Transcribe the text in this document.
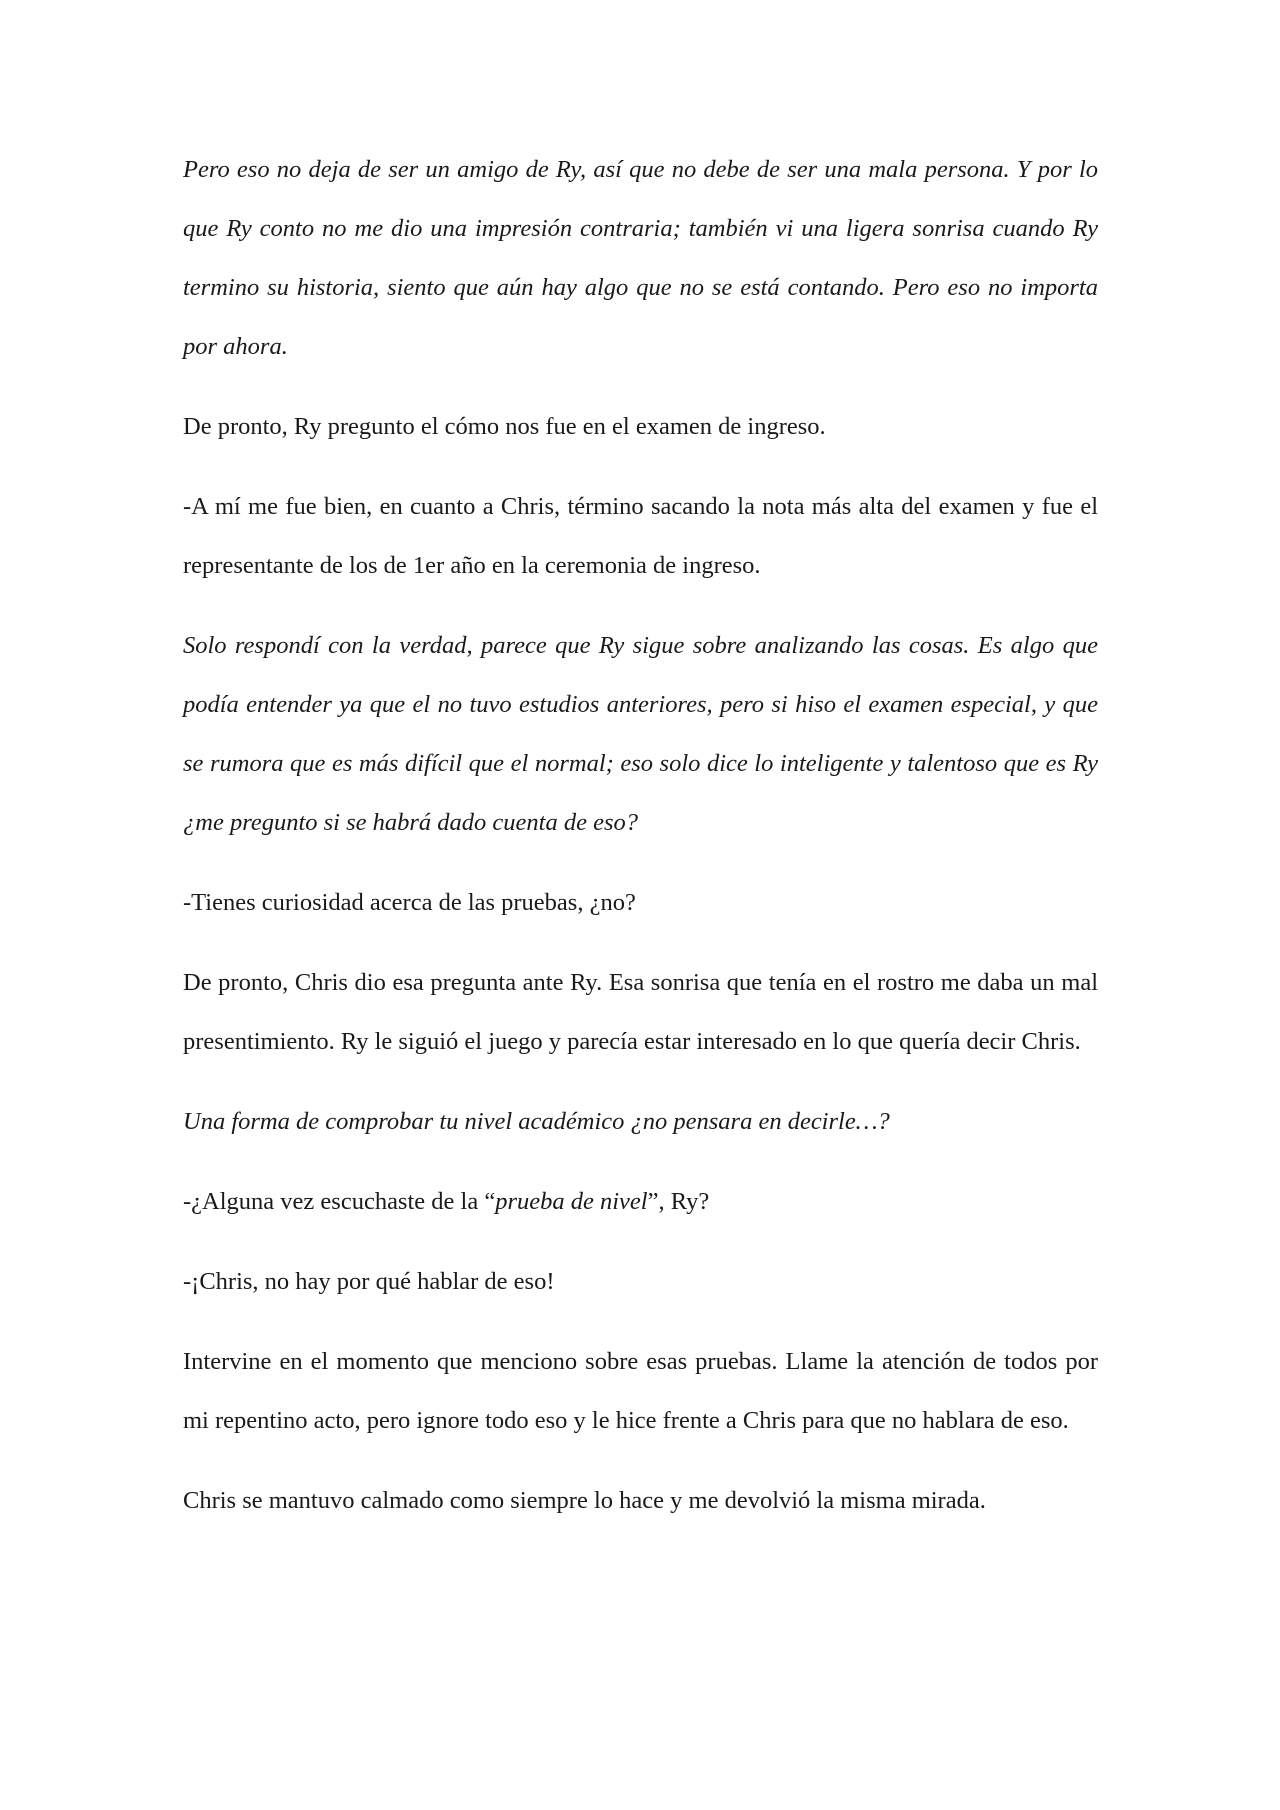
Pero eso no deja de ser un amigo de Ry, así que no debe de ser una mala persona. Y por lo que Ry conto no me dio una impresión contraria; también vi una ligera sonrisa cuando Ry termino su historia, siento que aún hay algo que no se está contando. Pero eso no importa por ahora.

De pronto, Ry pregunto el cómo nos fue en el examen de ingreso.

-A mí me fue bien, en cuanto a Chris, término sacando la nota más alta del examen y fue el representante de los de 1er año en la ceremonia de ingreso.

Solo respondí con la verdad, parece que Ry sigue sobre analizando las cosas. Es algo que podía entender ya que el no tuvo estudios anteriores, pero si hiso el examen especial, y que se rumora que es más difícil que el normal; eso solo dice lo inteligente y talentoso que es Ry ¿me pregunto si se habrá dado cuenta de eso?

-Tienes curiosidad acerca de las pruebas, ¿no?

De pronto, Chris dio esa pregunta ante Ry. Esa sonrisa que tenía en el rostro me daba un mal presentimiento. Ry le siguió el juego y parecía estar interesado en lo que quería decir Chris.

Una forma de comprobar tu nivel académico ¿no pensara en decirle…?

-¿Alguna vez escuchaste de la “prueba de nivel”, Ry?

-¡Chris, no hay por qué hablar de eso!

Intervine en el momento que menciono sobre esas pruebas. Llame la atención de todos por mi repentino acto, pero ignore todo eso y le hice frente a Chris para que no hablara de eso.

Chris se mantuvo calmado como siempre lo hace y me devolvió la misma mirada.
